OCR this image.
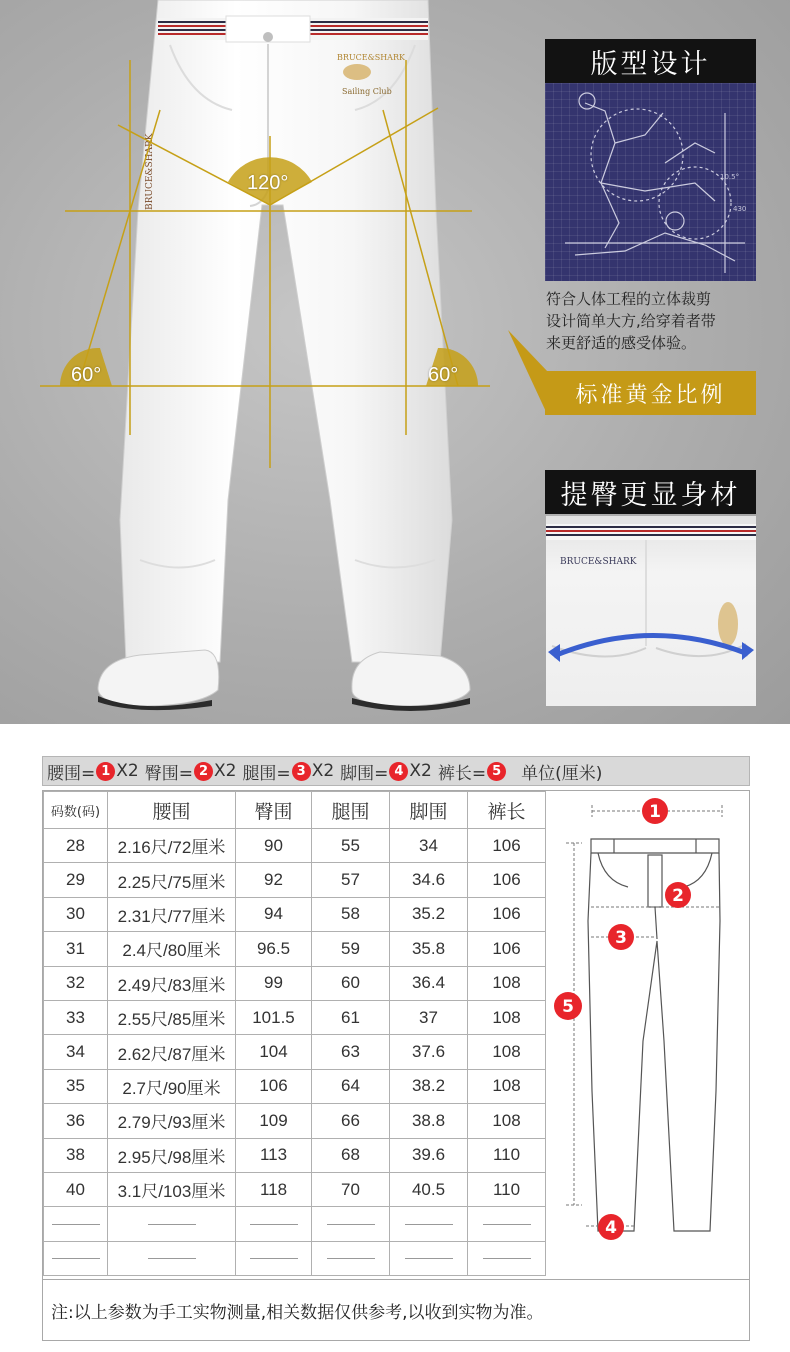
BRUCE&SHARK
Sailing Club
BRUCE&SHARK	120°
60°	60°
版型设计
430
10.5°
符合人体工程的立体裁剪
设计简单大方,给穿着者带
来更舒适的感受体验。
标准黄金比例
提臀更显身材
BRUCE&SHARK
腰围= 1 X2 臀围= 2 X2 腿围= 3 X2 脚围= 4 X2 裤长= 5 单位(厘米)
码数(码)	腰围	臀围	腿围	脚围	裤长
28	2.16尺/72厘米	90	55	34	106
29	2.25尺/75厘米	92	57	34.6	106
30	2.31尺/77厘米	94	58	35.2	106
31	2.4尺/80厘米	96.5	59	35.8	106
32	2.49尺/83厘米	99	60	36.4	108
33	2.55尺/85厘米	101.5	61	37	108
34	2.62尺/87厘米	104	63	37.6	108
35	2.7尺/90厘米	106	64	38.2	108
36	2.79尺/93厘米	109	66	38.8	108
38	2.95尺/98厘米	113	68	39.6	110
40	3.1尺/103厘米	118	70	40.5	110

1
2
3
5
4
注:以上参数为手工实物测量,相关数据仅供参考,以收到实物为准。
